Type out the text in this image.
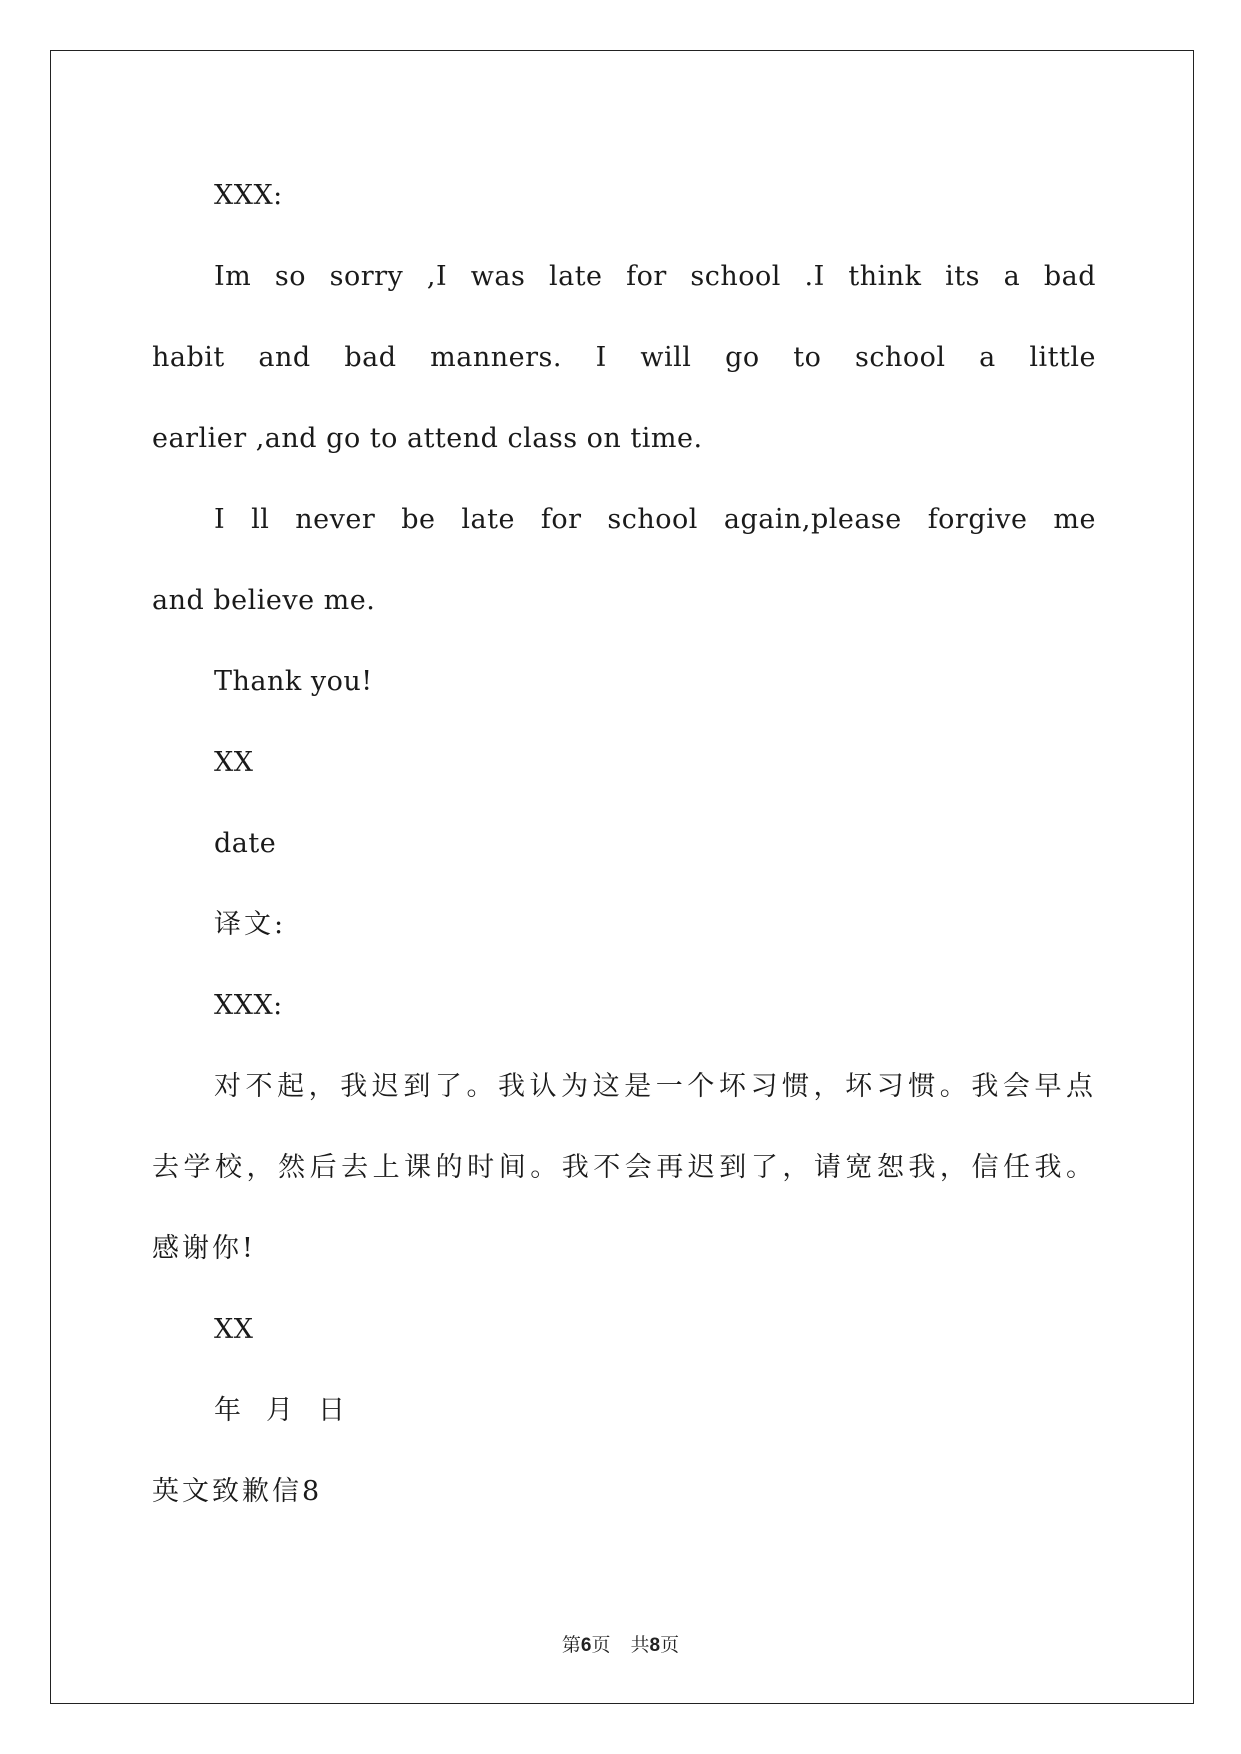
XXX:
Im so sorry ,I was late for school .I think its a bad
habit and bad manners. I will go to school a little
earlier ,and go to attend class on time.
I ll never be late for school again,please forgive me
and believe me.
Thank you!
XX
date
译文:
XXX:
对不起，我迟到了。我认为这是一个坏习惯，坏习惯。我会早点
去学校，然后去上课的时间。我不会再迟到了，请宽恕我，信任我。
感谢你!
XX
年 月 日
英文致歉信8
第6页 共8页
